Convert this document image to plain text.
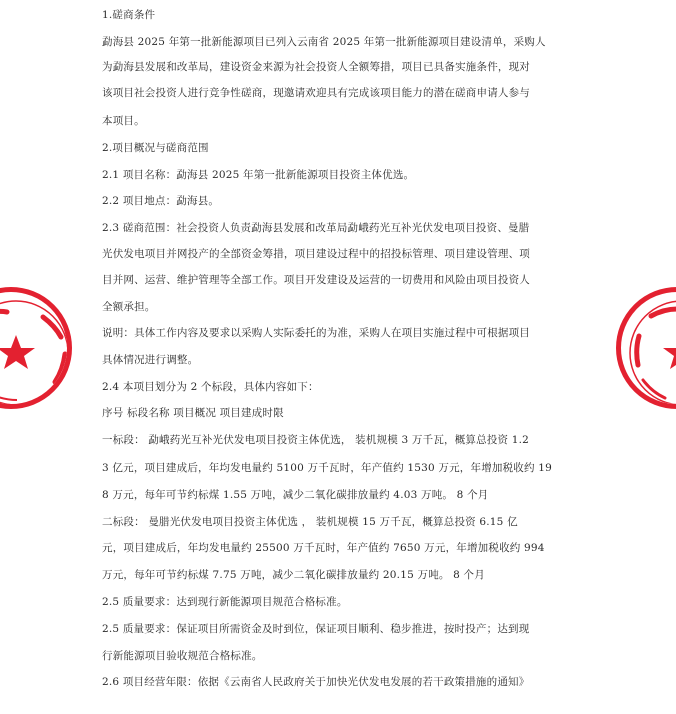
1.磋商条件
勐海县 2025 年第一批新能源项目已列入云南省 2025 年第一批新能源项目建设清单，采购人
为勐海县发展和改革局，建设资金来源为社会投资人全额筹措，项目已具备实施条件，现对
该项目社会投资人进行竞争性磋商，现邀请欢迎具有完成该项目能力的潜在磋商申请人参与
本项目。
2.项目概况与磋商范围
2.1 项目名称：勐海县 2025 年第一批新能源项目投资主体优选。
2.2 项目地点：勐海县。
2.3 磋商范围：社会投资人负责勐海县发展和改革局勐峨药光互补光伏发电项目投资、曼腊
光伏发电项目并网投产的全部资金筹措，项目建设过程中的招投标管理、项目建设管理、项
目并网、运营、维护管理等全部工作。项目开发建设及运营的一切费用和风险由项目投资人
全额承担。
说明：具体工作内容及要求以采购人实际委托的为准，采购人在项目实施过程中可根据项目
具体情况进行调整。
2.4 本项目划分为 2 个标段，具体内容如下：
序号 标段名称 项目概况 项目建成时限
一标段： 勐峨药光互补光伏发电项目投资主体优选， 装机规模 3 万千瓦，概算总投资 1.2
3 亿元，项目建成后，年均发电量约 5100 万千瓦时，年产值约 1530 万元，年增加税收约 19
8 万元，每年可节约标煤 1.55 万吨，减少二氧化碳排放量约 4.03 万吨。 8 个月
二标段： 曼腊光伏发电项目投资主体优选 ， 装机规模 15 万千瓦，概算总投资 6.15 亿
元，项目建成后，年均发电量约 25500 万千瓦时，年产值约 7650 万元，年增加税收约 994
万元，每年可节约标煤 7.75 万吨，减少二氧化碳排放量约 20.15 万吨。 8 个月
2.5 质量要求：达到现行新能源项目规范合格标准。
2.5 质量要求：保证项目所需资金及时到位，保证项目顺利、稳步推进，按时投产；达到现
行新能源项目验收规范合格标准。
2.6 项目经营年限：依据《云南省人民政府关于加快光伏发电发展的若干政策措施的通知》
